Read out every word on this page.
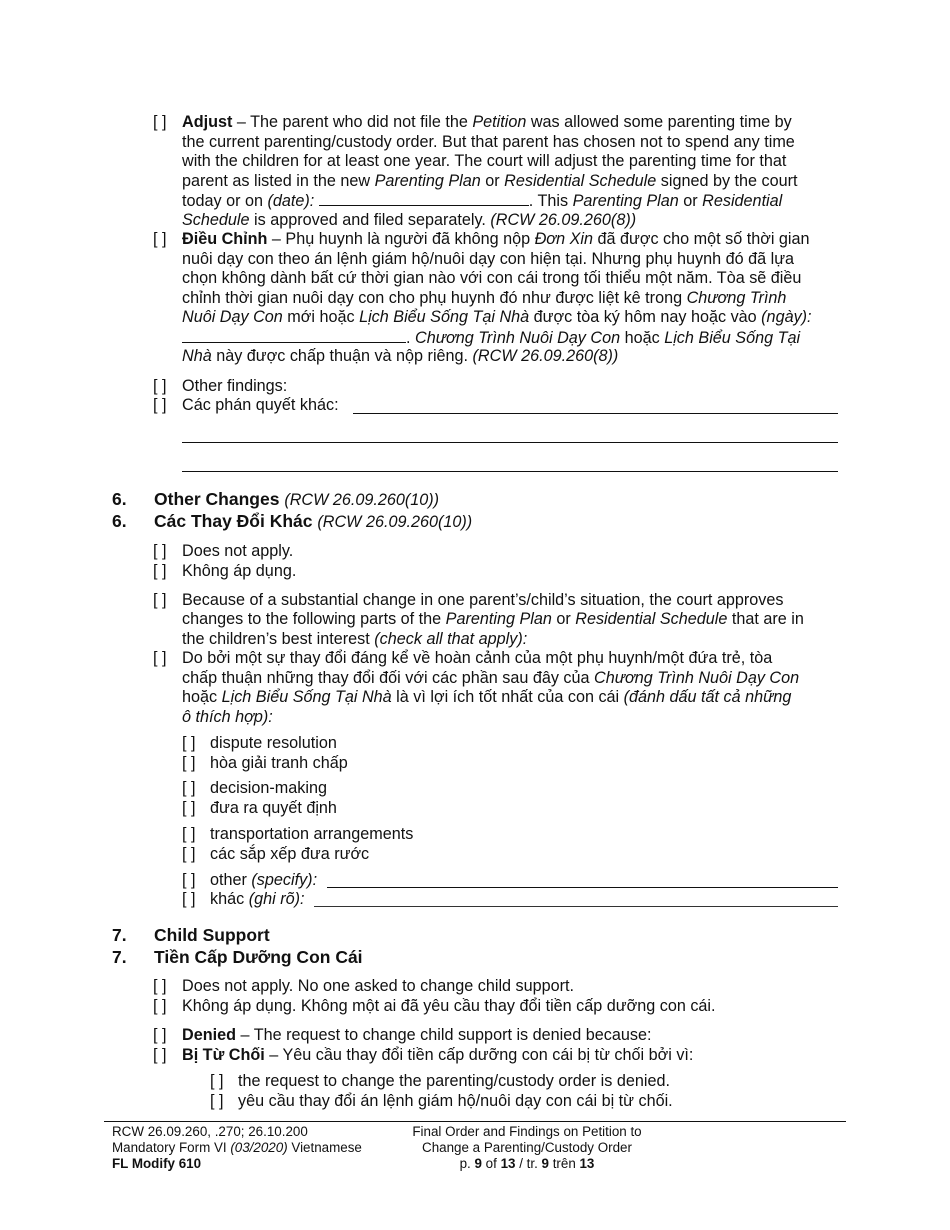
[ ] Adjust – The parent who did not file the Petition was allowed some parenting time by
the current parenting/custody order. But that parent has chosen not to spend any time
with the children for at least one year. The court will adjust the parenting time for that
parent as listed in the new Parenting Plan or Residential Schedule signed by the court
today or on (date):	. This Parenting Plan or Residential
Schedule is approved and filed separately. (RCW 26.09.260(8))
[ ] Điều Chỉnh – Phụ huynh là người đã không nộp Đơn Xin đã được cho một số thời gian
nuôi dạy con theo án lệnh giám hộ/nuôi dạy con hiện tại. Nhưng phụ huynh đó đã lựa
chọn không dành bất cứ thời gian nào với con cái trong tối thiểu một năm. Tòa sẽ điều
chỉnh thời gian nuôi dạy con cho phụ huynh đó như được liệt kê trong Chương Trình
Nuôi Dạy Con mới hoặc Lịch Biểu Sống Tại Nhà được tòa ký hôm nay hoặc vào (ngày):
. Chương Trình Nuôi Dạy Con hoặc Lịch Biểu Sống Tại
Nhà này được chấp thuận và nộp riêng. (RCW 26.09.260(8))
[ ] Other findings:
[ ] Các phán quyết khác:
6. Other Changes (RCW 26.09.260(10))
6. Các Thay Đổi Khác (RCW 26.09.260(10))
[ ] Does not apply.
[ ] Không áp dụng.
[ ] Because of a substantial change in one parent’s/child’s situation, the court approves
changes to the following parts of the Parenting Plan or Residential Schedule that are in
the children’s best interest (check all that apply):
[ ] Do bởi một sự thay đổi đáng kể về hoàn cảnh của một phụ huynh/một đứa trẻ, tòa
chấp thuận những thay đổi đối với các phần sau đây của Chương Trình Nuôi Dạy Con
hoặc Lịch Biểu Sống Tại Nhà là vì lợi ích tốt nhất của con cái (đánh dấu tất cả những
ô thích hợp):
[ ] dispute resolution
[ ] hòa giải tranh chấp
[ ] decision-making
[ ] đưa ra quyết định
[ ] transportation arrangements
[ ] các sắp xếp đưa rước
[ ] other (specify):
[ ] khác (ghi rõ):
7. Child Support
7. Tiền Cấp Dưỡng Con Cái
[ ] Does not apply. No one asked to change child support.
[ ] Không áp dụng. Không một ai đã yêu cầu thay đổi tiền cấp dưỡng con cái.
[ ] Denied – The request to change child support is denied because:
[ ] Bị Từ Chối – Yêu cầu thay đổi tiền cấp dưỡng con cái bị từ chối bởi vì:
[ ] the request to change the parenting/custody order is denied.
[ ] yêu cầu thay đổi án lệnh giám hộ/nuôi dạy con cái bị từ chối.
RCW 26.09.260, .270; 26.10.200
Mandatory Form VI (03/2020) Vietnamese
FL Modify 610
Final Order and Findings on Petition to
Change a Parenting/Custody Order
p. 9 of 13 / tr. 9 trên 13
